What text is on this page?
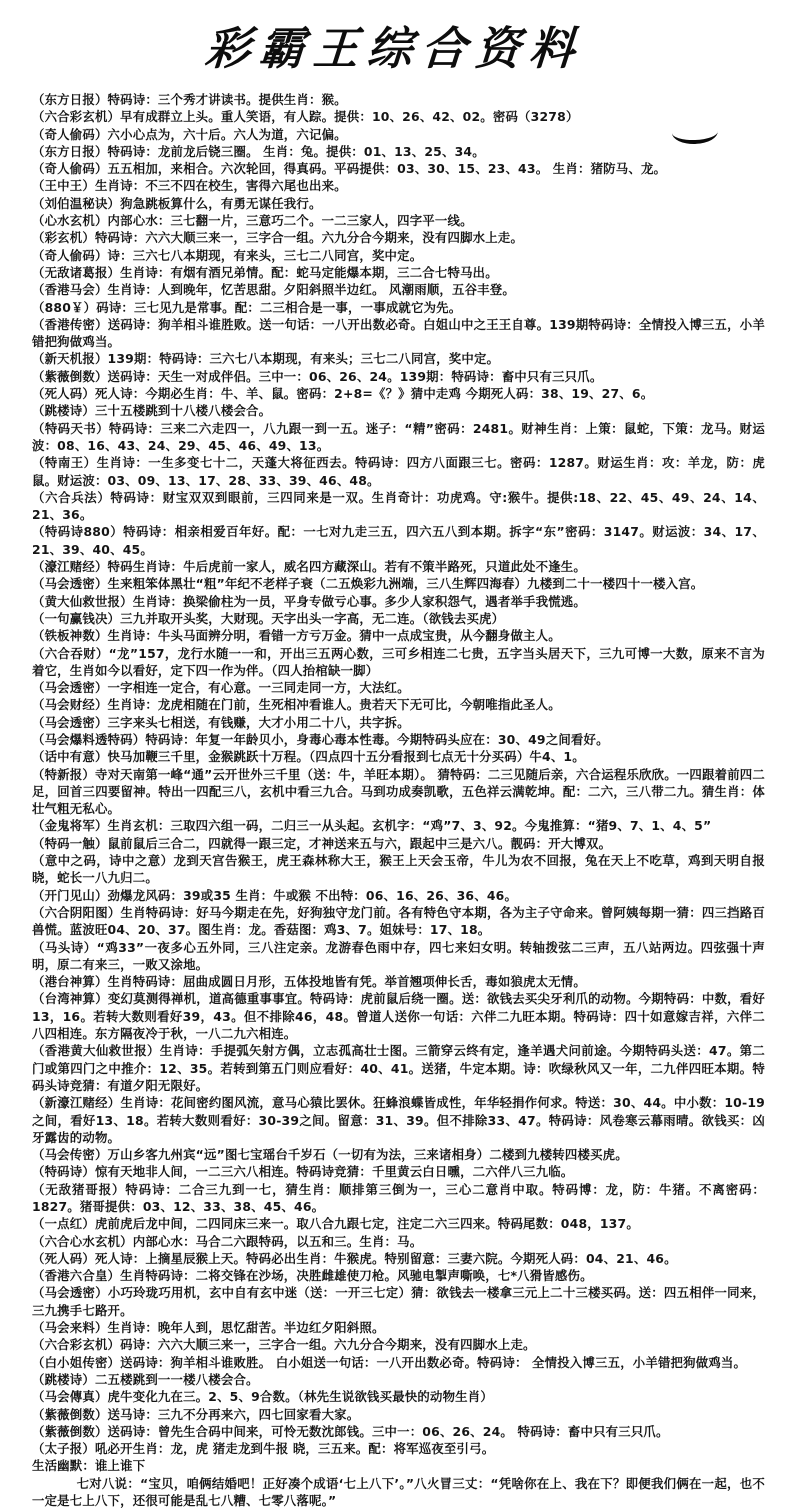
彩霸王综合资料
（东方日报）特码诗：三个秀才讲读书。提供生肖：猴。
（六合彩玄机）早有成群立上头。重人笑语，有人踪。提供：10、26、42、02。密码（3278）
（奇人偷码）六小心点为，六十后。六人为道，六记偏。
（东方日报）特码诗：龙前龙后铙三圈。 生肖：兔。提供：01、13、25、34。
（奇人偷码）五五相加，来相合。六次轮回，得真码。平码提供：03、30、15、23、43。 生肖：猪防马、龙。
（王中王）生肖诗：不三不四在校生，害得六尾也出来。
（刘伯温秘诀）狗急跳板算什么，有勇无谋任我行。
（心水玄机）内部心水：三七翻一片，三意巧二个。一二三家人，四字平一线。
（彩玄机）特码诗：六六大顺三来一，三字合一组。六九分合今期来，没有四脚水上走。
（奇人偷码）诗：三六七八本期现，有来头，三七二八同宫，奖中定。
（无敌诸葛报）生肖诗：有烟有酒兄弟情。配：蛇马定能爆本期，三二合七特马出。
（香港马会）生肖诗：人到晚年，忆苦思甜。夕阳斜照半边红。 风潮雨顺，五谷丰登。
（880￥）码诗：三七见九是常事。配：二三相合是一事，一事成就它为先。
（香港传密）送码诗：狗羊相斗谁胜败。送一句话：一八开出数必奇。白姐山中之王王自尊。139期特码诗：全情投入博三五，小羊错把狗做鸡当。
（新天机报）139期：特码诗：三六七八本期现，有来头；三七二八同宫，奖中定。
（紫薇倒数）送码诗：天生一对成伴侣。三中一：06、26、24。139期：特码诗：畜中只有三只爪。
（死人码）死人诗：今期必生肖：牛、羊、鼠。密码：2+8=《？》猜中走鸡 今期死人码：38、19、27、6。
（跳楼诗）三十五楼跳到十八楼八楼会合。
（特码天书）特码诗：三来二六走四一，八九跟一到一五。迷子：“精”密码：2481。财神生肖：上策：鼠蛇，下策：龙马。财运波：08、16、43、24、29、45、46、49、13。
（特南王）生肖诗：一生多变七十二，天蓬大将征西去。特码诗：四方八面跟三七。密码：1287。财运生肖：攻：羊龙，防：虎鼠。财运波：03、09、13、17、28、33、39、46、48。
（六合兵法）特码诗：财宝双双到眼前，三四同来是一双。生肖奇计：功虎鸡。守:猴牛。提供:18、22、45、49、24、14、21、36。
（特码诗880）特码诗：相亲相爱百年好。配：一七对九走三五，四六五八到本期。拆字“东”密码：3147。财运波：34、17、21、39、40、45。
（濠江赌经）特码生肖诗：牛后虎前一家人，威名四方藏深山。若有不策半路死，只道此处不逢生。
（马会透密）生来粗笨体黑壮“粗”年纪不老样子衰（二五焕彩九洲端，三八生辉四海春）九楼到二十一楼四十一楼入宫。
（黄大仙救世报）生肖诗：换梁偷柱为一员，平身专做亏心事。多少人家积怨气，遇者举手我慌逃。
（一句赢钱决）三九并取开头奖，大财现。天字出头一字高，无二连。（欲钱去买虎）
（铁板神数）生肖诗：牛头马面辨分明，看错一方亏万金。猜中一点成宝贵，从今翻身做主人。
（六合吞财）“龙”157，龙行水随一一和，开出三五两心数，三可乡相连二七贵，五字当头居天下，三九可博一大数，原来不言为着它，生肖如今以看好，定下四一作为伴。（四人抬棺缺一脚）
（马会透密）一字相连一定合，有心意。一三同走同一方，大法红。
（马会财经）生肖诗：龙虎相随在门前，生死相冲看谁人。贵若天下无可比，今朝唯指此圣人。
（马会透密）三字来头七相送，有钱赚，大才小用二十八，共字拆。
（马会爆料透特码）特码诗：年复一年龄贝小，身毒心毒本性毒。今期特码头应在：30、49之间看好。
（话中有意）快马加鞭三千里，金猴跳跃十万程。（四点四十五分看报到七点无十分买码）牛4、1。
（特新报）寺对天南第一峰“通”云开世外三千里（送：牛，羊旺本期）。 猜特码：二三见随后亲，六合运程乐欣欣。一四跟着前四二足，回首三四要留神。特出一四配三八，玄机中看三九合。马到功成奏凯歌，五色祥云满乾坤。配：二六，三八带二九。猜生肖：体壮气粗无私心。
（金鬼将军）生肖玄机：三取四六组一码，二归三一从头起。玄机字：“鸡”7、3、92。今鬼推算：“猪9、7、1、4、5”
（特码一触）鼠前鼠后三合二，四就得一跟三定，才神送来五与六，跟起中三是六八。靓码：开大博双。
（意中之码，诗中之意）龙到天宫告猴王，虎王森林称大王，猴王上天会玉帝，牛儿为农不回报，兔在天上不吃草，鸡到天明自报晓，蛇长一八九归二。
（开门见山）劲爆龙风码：39或35 生肖：牛或猴 不出特：06、16、26、36、46。
（六合阴阳图）生肖特码诗：好马今期走在先，好狗独守龙门前。各有特色守本期，各为主子守命来。曾阿姨每期一猜：四三挡路百兽慌。蓝波旺04、20、37。图生肖：龙。香菇图：鸡3、7。姐妹号：17、18。
（马头诗）“鸡33”一夜多心五外同，三八注定亲。龙游春色雨中存，四七来妇女明。转轴拨弦二三声，五八站两边。四弦强十声明，原二有来三，一败又涂地。
（港台神算）生肖特码诗：屈曲成圆日月形，五体投地皆有凭。举首翘项伸长舌，毒如狼虎太无情。
（台湾神算）变幻莫测得禅机，道高德重事事宜。特码诗：虎前鼠后绕一圈。送：欲钱去买尖牙利爪的动物。今期特码：中数，看好13，16。若转大数则看好39，43。但不排除46，48。曾道人送你一句话：六伴二九旺本期。特码诗：四十如意嫁吉祥，六伴二八四相连。东方隔夜冷于秋，一八二九六相连。
（香港黄大仙救世报）生肖诗：手提弧矢射方偶，立志孤高壮士图。三箭穿云终有定，逢羊遇犬问前途。今期特码头送：47。第二门或第四门之中推介：12、35。若转到第五门则应看好：40、41。送猪，牛定本期。诗：吹绿秋风又一年，二九伴四旺本期。特码头诗竞猜：有道夕阳无限好。
（新濠江赌经）生肖诗：花间密约图风流，意马心猿比罢休。狂蜂浪蝶皆成性，年华轻捐作何求。特送：30、44。中小数：10-19之间，看好13、18。若转大数则看好：30-39之间。留意：31、39。但不排除33、47。特码诗：风卷寒云幕雨晴。欲钱买：凶牙露齿的动物。
（马会传密）万山乡客九州宾“远”图七宝瑶台千岁石（一切有为法，三来诸相身）二楼到九楼转四楼买虎。
（特码诗）惊有天地非人间，一二三六八相连。特码诗竞猜：千里黄云白日曛，二六伴八三九临。
（无敌猪哥报）特码诗：二合三九到一七，猜生肖：顺排第三倒为一，三心二意肖中取。特码博：龙，防：牛猪。不离密码：1827。猪哥提供：03、12、33、38、45、46。
（一点红）虎前虎后龙中间，二四同床三来一。取八合九跟七定，注定二六三四来。特码尾数：048，137。
（六合心水玄机）内部心水：马合二六跟特码，以五和三。生肖：马。
（死人码）死人诗：上摘星辰猴上天。特码必出生肖：牛猴虎。特别留意：三妻六院。今期死人码：04、21、46。
（香港六合皇）生肖特码诗：二将交锋在沙场，决胜雌雄使刀枪。风驰电掣声嘶唤，七*八猾皆感伤。
（马会透密）小巧玲珑巧用机，玄中自有玄中迷（送：一开三七定）猜：欲钱去一楼拿三元上二十三楼买码。送：四五相伴一同来，三九携手七路开。
（马会来料）生肖诗：晚年人到，思忆甜苦。半边红夕阳斜照。
（六合彩玄机）码诗：六六大顺三来一，三字合一组。六九分合今期来，没有四脚水上走。
（白小姐传密）送码诗：狗羊相斗谁败胜。 白小姐送一句话：一八开出数必奇。特码诗： 全情投入博三五，小羊错把狗做鸡当。
（跳楼诗）二五楼跳到一一楼八楼会合。
（马会傳真）虎牛变化九在三。2、5、9合数。（林先生说欲钱买最快的动物生肖）
（紫薇倒数）送马诗：三九不分再来六，四七回家看大家。
（紫薇倒数）送码诗：曾先生合码中间来，可怜无数沈郎钱。三中一：06、26、24。 特码诗：畜中只有三只爪。
（太子报）吼必开生肖：龙，虎 猪走龙到牛报 晓，三五来。配：将军巡夜至引弓。
生活幽默：谁上谁下
七对八说：“宝贝，咱俩结婚吧！正好凑个成语‘七上八下’。”八火冒三丈：“凭啥你在上、我在下？即便我们俩在一起，也不一定是七上八下，还很可能是乱七八糟、七零八落呢。”
